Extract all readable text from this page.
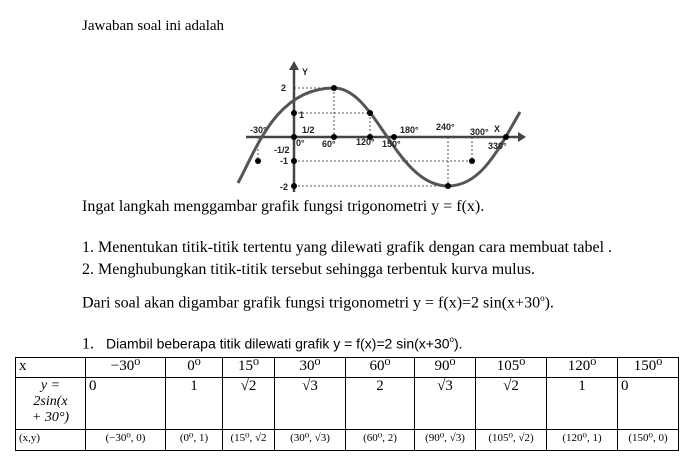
Jawaban soal ini adalah
Y
X
2
1
1/2
-30°
0° 60° 120° 150°
180° 240° 300°
330°
-1/2
-1
-2
Ingat langkah menggambar grafik fungsi trigonometri y = f(x).
1. Menentukan titik-titik tertentu yang dilewati grafik dengan cara membuat tabel .
2. Menghubungkan titik-titik tersebut sehingga terbentuk kurva mulus.
Dari soal akan digambar grafik fungsi trigonometri y = f(x)=2 $\sin(x+30^o)$.
1. Diambil beberapa titik dilewati grafik y = f(x)=2 $\sin(x+30^o)$.
x	−30⁰	0⁰	15⁰	30⁰	60⁰	90⁰	105⁰	120⁰	150⁰

y =
2sin(x
+ 30°)	0	1	√2	√3	2	√3	√2	1	0
(x,y)	(−30⁰, 0)	(0⁰, 1)	(15⁰, √2	(30⁰, √3)	(60⁰, 2)	(90⁰, √3)	(105⁰, √2)	(120⁰, 1)	(150⁰, 0)
